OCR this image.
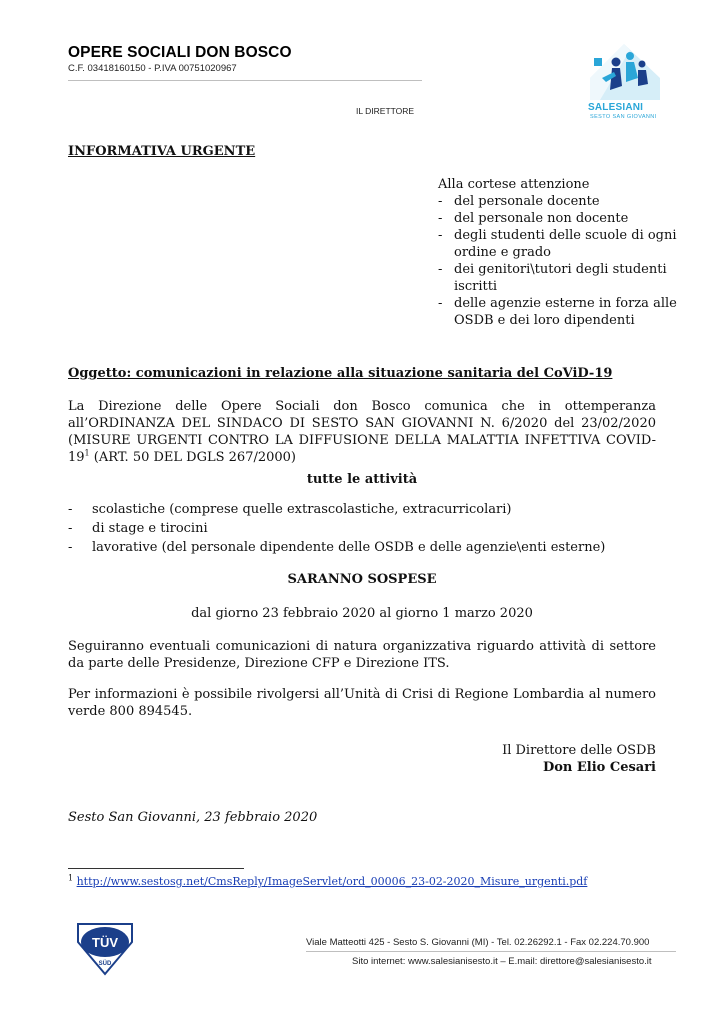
OPERE SOCIALI DON BOSCO
C.F. 03418160150 - P.IVA 00751020967
IL DIRETTORE	SALESIANI
SESTO SAN GIOVANNI
INFORMATIVA URGENTE
Alla cortese attenzione
- del personale docente
- del personale non docente
- degli studenti delle scuole di ogni ordine e grado
- dei genitori\tutori degli studenti iscritti
- delle agenzie esterne in forza alle OSDB e dei loro dipendenti
Oggetto: comunicazioni in relazione alla situazione sanitaria del CoViD-19
La Direzione delle Opere Sociali don Bosco comunica che in ottemperanza all’ORDINANZA DEL SINDACO DI SESTO SAN GIOVANNI N. 6/2020 del 23/02/2020 (MISURE URGENTI CONTRO LA DIFFUSIONE DELLA MALATTIA INFETTIVA COVID-$19^1$ (ART. 50 DEL DGLS 267/2000)
tutte le attività
- scolastiche (comprese quelle extrascolastiche, extracurricolari)
- di stage e tirocini
- lavorative (del personale dipendente delle OSDB e delle agenzie\enti esterne)
SARANNO SOSPESE
dal giorno 23 febbraio 2020 al giorno 1 marzo 2020
Seguiranno eventuali comunicazioni di natura organizzativa riguardo attività di settore da parte delle Presidenze, Direzione CFP e Direzione ITS.
Per informazioni è possibile rivolgersi all’Unità di Crisi di Regione Lombardia al numero verde 800 894545.
Il Direttore delle OSDB
Don Elio Cesari
Sesto San Giovanni, 23 febbraio 2020
$^1$ http://www.sestosg.net/CmsReply/ImageServlet/ord_00006_23-02-2020_Misure_urgenti.pdf
TÜV
SÜD
Viale Matteotti 425 - Sesto S. Giovanni (MI) - Tel. 02.26292.1 - Fax 02.224.70.900
Sito internet: www.salesianisesto.it – E.mail: direttore@salesianisesto.it
